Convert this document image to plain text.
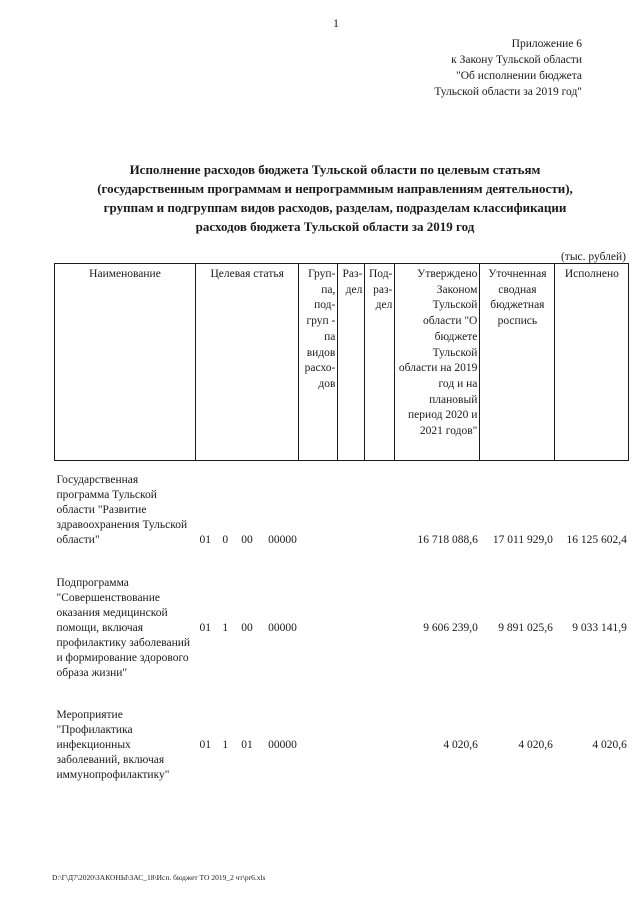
1
Приложение 6
к Закону Тульской области
"Об исполнении бюджета
Тульской области за 2019 год"
Исполнение расходов бюджета Тульской области по целевым статьям
(государственным программам и непрограммным направлениям деятельности),
группам и подгруппам видов расходов, разделам, подразделам классификации
расходов бюджета Тульской области за 2019 год
(тыс. рублей)
Наименование	Целевая статья	Груп-па, под-груп - па видов расхо-дов	Раз-дел	Под-раз-дел	Утверждено Законом Тульской области "О бюджете Тульской области на 2019 год и на плановый период 2020 и 2021 годов"	Уточненная сводная бюджетная роспись	Исполнено
Государственная программа Тульской области "Развитие здравоохранения Тульской области"	01 0 00 00000				16 718 088,6	17 011 929,0	16 125 602,4
Подпрограмма "Совершенствование оказания медицинской помощи, включая профилактику заболеваний и формирование здорового образа жизни"	01 1 00 00000				9 606 239,0	9 891 025,6	9 033 141,9
Мероприятие "Профилактика инфекционных заболеваний, включая иммунопрофилактику"	01 1 01 00000				4 020,6	4 020,6	4 020,6
D:\Г\Д7\2020\ЗАКОНЫ\ЗАС_18\Исп. бюджет ТО 2019_2 чт\pr6.xls
